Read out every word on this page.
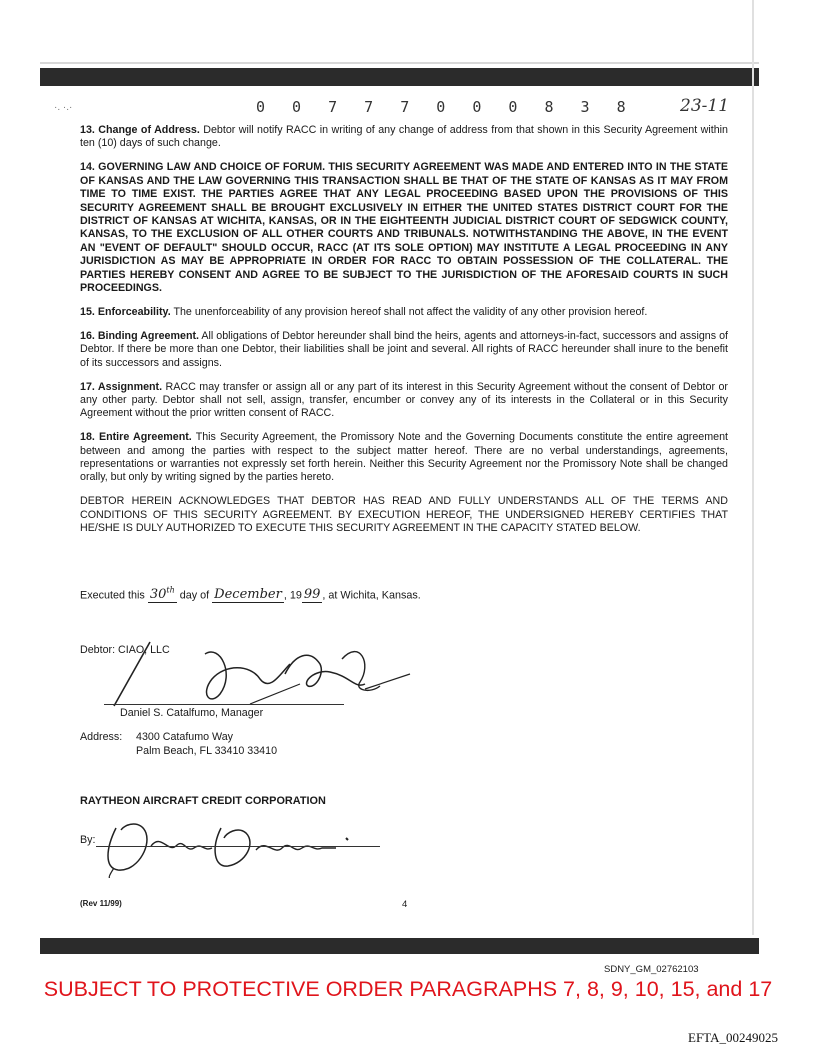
·. ·.·	0 0 7 7 7 0 0 0 8 3 8	23-11

13. Change of Address. Debtor will notify RACC in writing of any change of address from that shown in this Security Agreement within ten (10) days of such change.

14. GOVERNING LAW AND CHOICE OF FORUM. THIS SECURITY AGREEMENT WAS MADE AND ENTERED INTO IN THE STATE OF KANSAS AND THE LAW GOVERNING THIS TRANSACTION SHALL BE THAT OF THE STATE OF KANSAS AS IT MAY FROM TIME TO TIME EXIST. THE PARTIES AGREE THAT ANY LEGAL PROCEEDING BASED UPON THE PROVISIONS OF THIS SECURITY AGREEMENT SHALL BE BROUGHT EXCLUSIVELY IN EITHER THE UNITED STATES DISTRICT COURT FOR THE DISTRICT OF KANSAS AT WICHITA, KANSAS, OR IN THE EIGHTEENTH JUDICIAL DISTRICT COURT OF SEDGWICK COUNTY, KANSAS, TO THE EXCLUSION OF ALL OTHER COURTS AND TRIBUNALS. NOTWITHSTANDING THE ABOVE, IN THE EVENT AN "EVENT OF DEFAULT" SHOULD OCCUR, RACC (AT ITS SOLE OPTION) MAY INSTITUTE A LEGAL PROCEEDING IN ANY JURISDICTION AS MAY BE APPROPRIATE IN ORDER FOR RACC TO OBTAIN POSSESSION OF THE COLLATERAL. THE PARTIES HEREBY CONSENT AND AGREE TO BE SUBJECT TO THE JURISDICTION OF THE AFORESAID COURTS IN SUCH PROCEEDINGS.

15. Enforceability. The unenforceability of any provision hereof shall not affect the validity of any other provision hereof.

16. Binding Agreement. All obligations of Debtor hereunder shall bind the heirs, agents and attorneys-in-fact, successors and assigns of Debtor. If there be more than one Debtor, their liabilities shall be joint and several. All rights of RACC hereunder shall inure to the benefit of its successors and assigns.

17. Assignment. RACC may transfer or assign all or any part of its interest in this Security Agreement without the consent of Debtor or any other party. Debtor shall not sell, assign, transfer, encumber or convey any of its interests in the Collateral or in this Security Agreement without the prior written consent of RACC.

18. Entire Agreement. This Security Agreement, the Promissory Note and the Governing Documents constitute the entire agreement between and among the parties with respect to the subject matter hereof. There are no verbal understandings, agreements, representations or warranties not expressly set forth herein. Neither this Security Agreement nor the Promissory Note shall be changed orally, but only by writing signed by the parties hereto.

DEBTOR HEREIN ACKNOWLEDGES THAT DEBTOR HAS READ AND FULLY UNDERSTANDS ALL OF THE TERMS AND CONDITIONS OF THIS SECURITY AGREEMENT. BY EXECUTION HEREOF, THE UNDERSIGNED HEREBY CERTIFIES THAT HE/SHE IS DULY AUTHORIZED TO EXECUTE THIS SECURITY AGREEMENT IN THE CAPACITY STATED BELOW.

Executed this 30th day of December , 19 99 , at Wichita, Kansas.
Debtor: CIAO, LLC
Daniel S. Catalfumo, Manager
Address: 4300 Catafumo Way
Palm Beach, FL 33410 33410
RAYTHEON AIRCRAFT CREDIT CORPORATION
By:
(Rev 11/99)	4
SDNY_GM_02762103
SUBJECT TO PROTECTIVE ORDER PARAGRAPHS 7, 8, 9, 10, 15, and 17
EFTA_00249025
